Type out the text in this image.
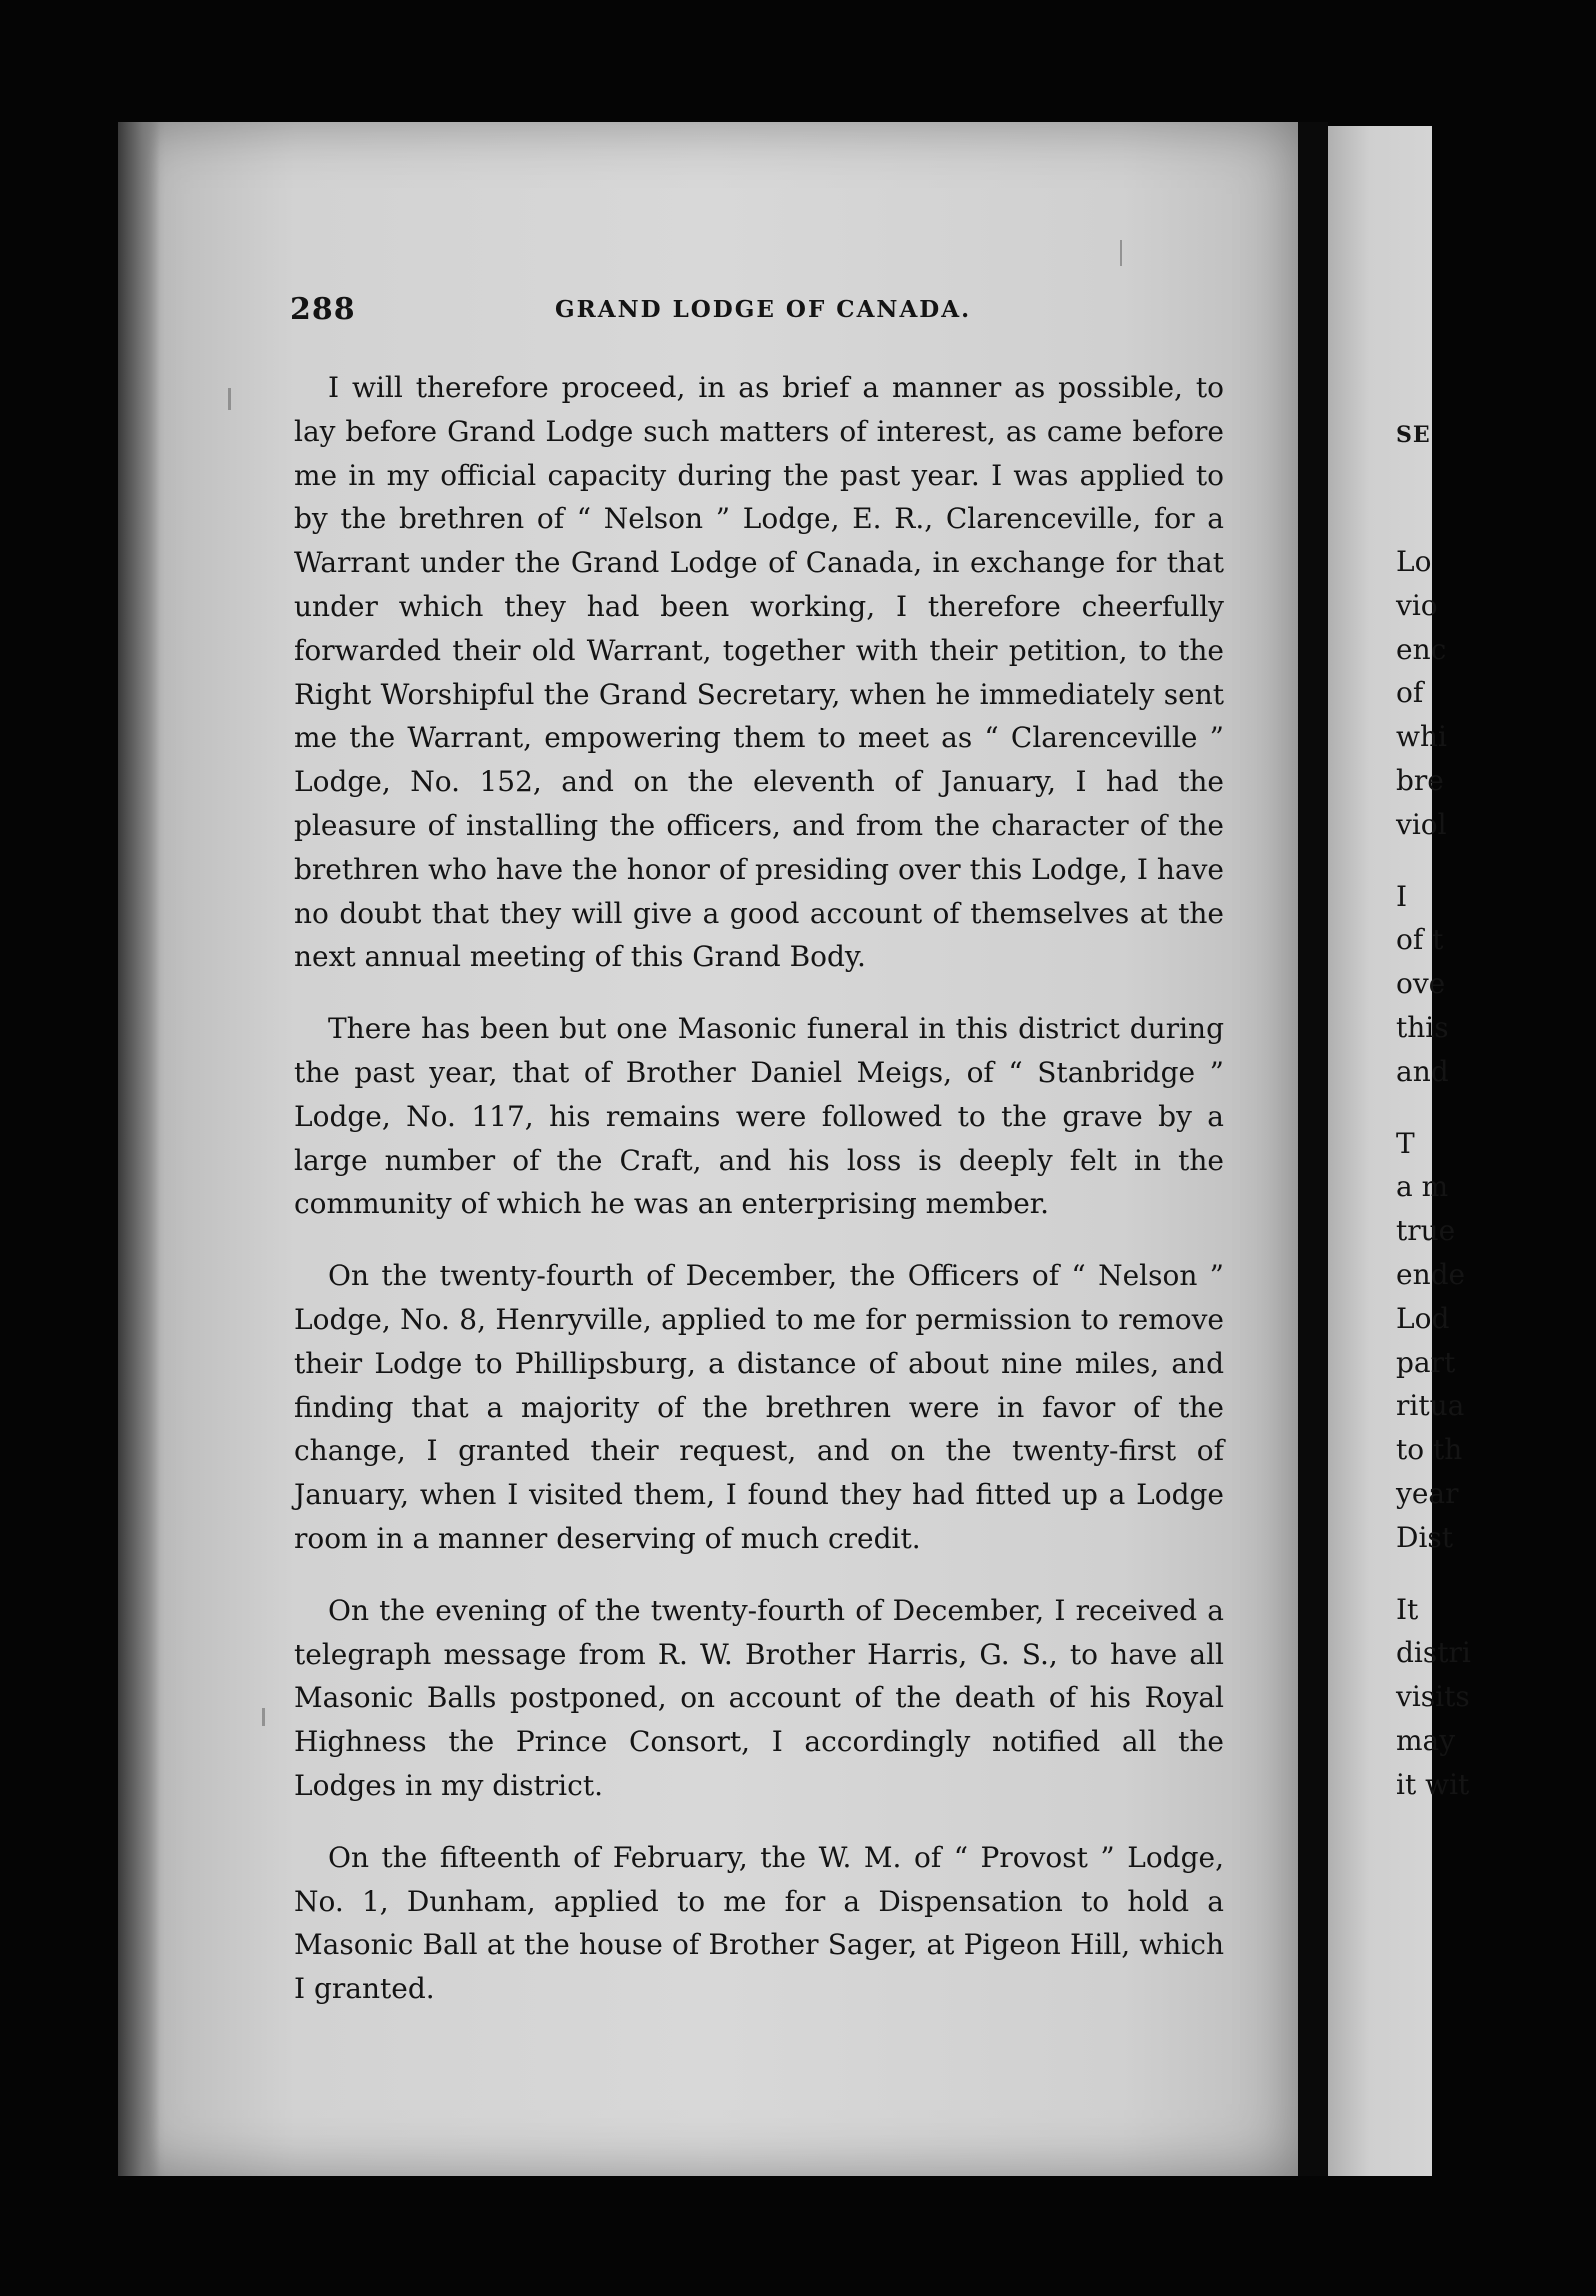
SE
Lo
vio
enc
of
whi
bre
viol
I
of t
ove
this
and
T
a m
true
ende
Lod
part
ritua
to th
year
Dist
It
distri
visits
may
it wit
288	GRAND LODGE OF CANADA.

I will therefore proceed, in as brief a manner as possible, to lay before Grand Lodge such matters of interest, as came before me in my official capacity during the past year. I was applied to by the brethren of “ Nelson ” Lodge, E. R., Clarenceville, for a Warrant under the Grand Lodge of Canada, in exchange for that under which they had been working, I therefore cheerfully forwarded their old Warrant, together with their petition, to the Right Worshipful the Grand Secretary, when he immediately sent me the Warrant, empowering them to meet as “ Clarenceville ” Lodge, No. 152, and on the eleventh of January, I had the pleasure of installing the officers, and from the character of the brethren who have the honor of presiding over this Lodge, I have no doubt that they will give a good account of themselves at the next annual meeting of this Grand Body.

There has been but one Masonic funeral in this district during the past year, that of Brother Daniel Meigs, of “ Stanbridge ” Lodge, No. 117, his remains were followed to the grave by a large number of the Craft, and his loss is deeply felt in the community of which he was an enterprising member.

On the twenty-fourth of December, the Officers of “ Nelson ” Lodge, No. 8, Henryville, applied to me for permission to remove their Lodge to Phillipsburg, a distance of about nine miles, and finding that a majority of the brethren were in favor of the change, I granted their request, and on the twenty-first of January, when I visited them, I found they had fitted up a Lodge room in a manner deserving of much credit.

On the evening of the twenty-fourth of December, I received a telegraph message from R. W. Brother Harris, G. S., to have all Masonic Balls postponed, on account of the death of his Royal Highness the Prince Consort, I accordingly notified all the Lodges in my district.

On the fifteenth of February, the W. M. of “ Provost ” Lodge, No. 1, Dunham, applied to me for a Dispensation to hold a Masonic Ball at the house of Brother Sager, at Pigeon Hill, which I granted.
